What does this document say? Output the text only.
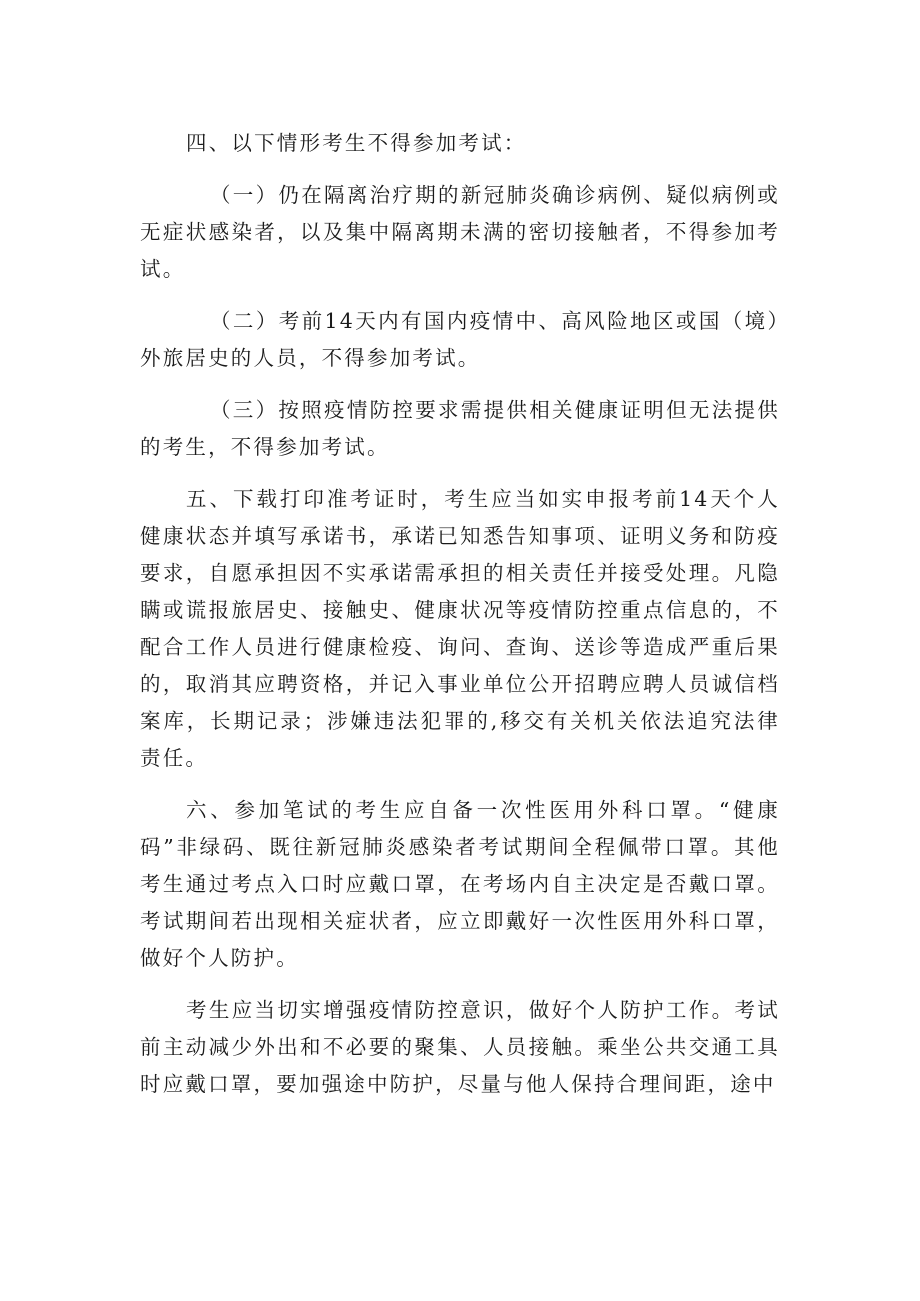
四、以下情形考生不得参加考试：

（一）仍在隔离治疗期的新冠肺炎确诊病例、疑似病例或无症状感染者，以及集中隔离期未满的密切接触者，不得参加考试。

（二）考前14天内有国内疫情中、高风险地区或国（境）外旅居史的人员，不得参加考试。

（三）按照疫情防控要求需提供相关健康证明但无法提供的考生，不得参加考试。

五、下载打印准考证时，考生应当如实申报考前14天个人健康状态并填写承诺书，承诺已知悉告知事项、证明义务和防疫要求，自愿承担因不实承诺需承担的相关责任并接受处理。凡隐瞒或谎报旅居史、接触史、健康状况等疫情防控重点信息的，不配合工作人员进行健康检疫、询问、查询、送诊等造成严重后果的，取消其应聘资格，并记入事业单位公开招聘应聘人员诚信档案库，长期记录；涉嫌违法犯罪的,移交有关机关依法追究法律责任。

六、参加笔试的考生应自备一次性医用外科口罩。“健康码”非绿码、既往新冠肺炎感染者考试期间全程佩带口罩。其他考生通过考点入口时应戴口罩，在考场内自主决定是否戴口罩。考试期间若出现相关症状者，应立即戴好一次性医用外科口罩，做好个人防护。

考生应当切实增强疫情防控意识，做好个人防护工作。考试前主动减少外出和不必要的聚集、人员接触。乘坐公共交通工具时应戴口罩，要加强途中防护，尽量与他人保持合理间距，途中
